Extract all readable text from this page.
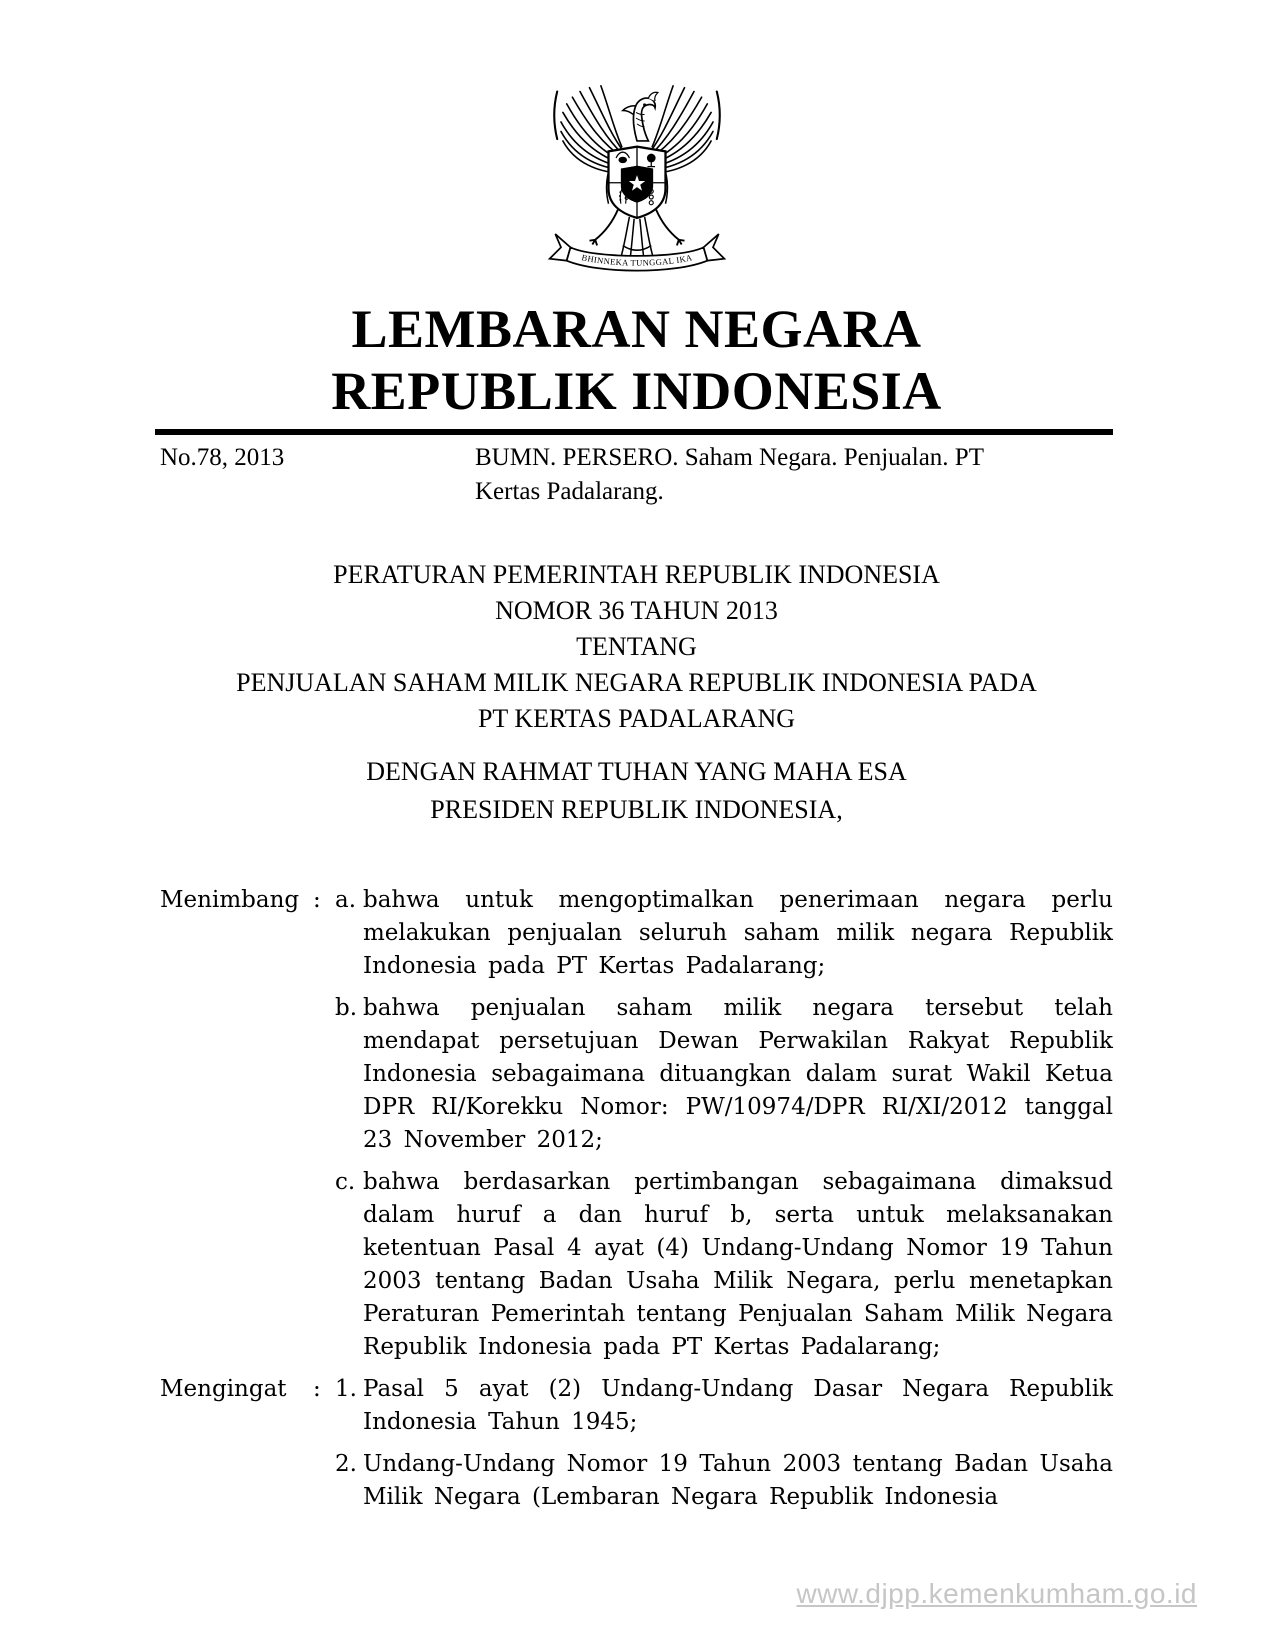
BHINNEKA TUNGGAL IKA
LEMBARAN NEGARA
REPUBLIK INDONESIA
No.78, 2013	BUMN. PERSERO. Saham Negara. Penjualan. PT
Kertas Padalarang.
PERATURAN PEMERINTAH REPUBLIK INDONESIA
NOMOR 36 TAHUN 2013
TENTANG
PENJUALAN SAHAM MILIK NEGARA REPUBLIK INDONESIA PADA
PT KERTAS PADALARANG
DENGAN RAHMAT TUHAN YANG MAHA ESA
PRESIDEN REPUBLIK INDONESIA,
Menimbang : a. bahwa untuk mengoptimalkan penerimaan negara perlu melakukan penjualan seluruh saham milik negara Republik Indonesia pada PT Kertas Padalarang;
b. bahwa penjualan saham milik negara tersebut telah mendapat persetujuan Dewan Perwakilan Rakyat Republik Indonesia sebagaimana dituangkan dalam surat Wakil Ketua DPR RI/Korekku Nomor: PW/10974/DPR RI/XI/2012 tanggal 23 November 2012;
c. bahwa berdasarkan pertimbangan sebagaimana dimaksud dalam huruf a dan huruf b, serta untuk melaksanakan ketentuan Pasal 4 ayat (4) Undang-Undang Nomor 19 Tahun 2003 tentang Badan Usaha Milik Negara, perlu menetapkan Peraturan Pemerintah tentang Penjualan Saham Milik Negara Republik Indonesia pada PT Kertas Padalarang;
Mengingat	: 1. Pasal 5 ayat (2) Undang-Undang Dasar Negara Republik Indonesia Tahun 1945;
2. Undang-Undang Nomor 19 Tahun 2003 tentang Badan Usaha Milik Negara (Lembaran Negara Republik Indonesia
www.djpp.kemenkumham.go.id
